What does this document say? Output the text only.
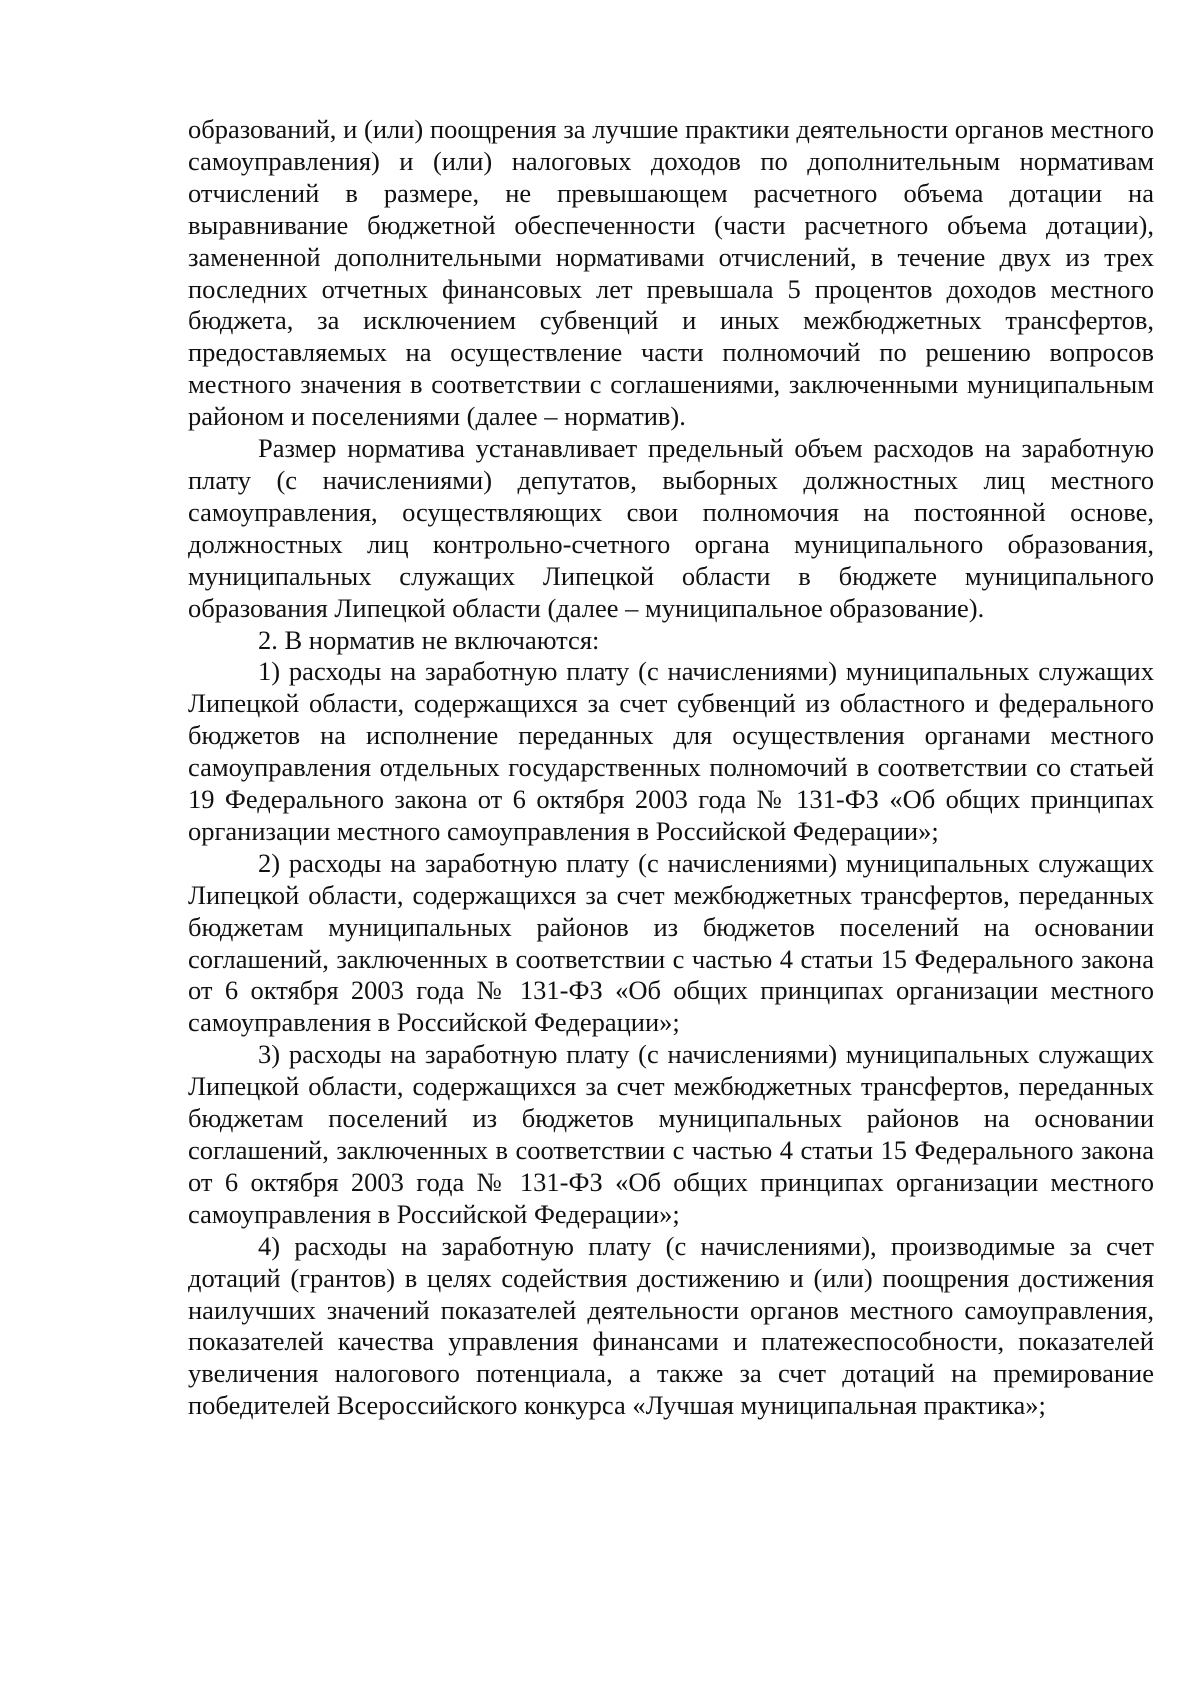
образований, и (или) поощрения за лучшие практики деятельности органов местного самоуправления) и (или) налоговых доходов по дополнительным нормативам отчислений в размере, не превышающем расчетного объема дотации на выравнивание бюджетной обеспеченности (части расчетного объема дотации), замененной дополнительными нормативами отчислений, в течение двух из трех последних отчетных финансовых лет превышала 5 процентов доходов местного бюджета, за исключением субвенций и иных межбюджетных трансфертов, предоставляемых на осуществление части полномочий по решению вопросов местного значения в соответствии с соглашениями, заключенными муниципальным районом и поселениями (далее – норматив).

Размер норматива устанавливает предельный объем расходов на заработную плату (с начислениями) депутатов, выборных должностных лиц местного самоуправления, осуществляющих свои полномочия на постоянной основе, должностных лиц контрольно-счетного органа муниципального образования, муниципальных служащих Липецкой области в бюджете муниципального образования Липецкой области (далее – муниципальное образование).

2. В норматив не включаются:

1) расходы на заработную плату (с начислениями) муниципальных служащих Липецкой области, содержащихся за счет субвенций из областного и федерального бюджетов на исполнение переданных для осуществления органами местного самоуправления отдельных государственных полномочий в соответствии со статьей 19 Федерального закона от 6 октября 2003 года № 131-ФЗ «Об общих принципах организации местного самоуправления в Российской Федерации»;

2) расходы на заработную плату (с начислениями) муниципальных служащих Липецкой области, содержащихся за счет межбюджетных трансфертов, переданных бюджетам муниципальных районов из бюджетов поселений на основании соглашений, заключенных в соответствии с частью 4 статьи 15 Федерального закона от 6 октября 2003 года № 131-ФЗ «Об общих принципах организации местного самоуправления в Российской Федерации»;

3) расходы на заработную плату (с начислениями) муниципальных служащих Липецкой области, содержащихся за счет межбюджетных трансфертов, переданных бюджетам поселений из бюджетов муниципальных районов на основании соглашений, заключенных в соответствии с частью 4 статьи 15 Федерального закона от 6 октября 2003 года № 131-ФЗ «Об общих принципах организации местного самоуправления в Российской Федерации»;

4) расходы на заработную плату (с начислениями), производимые за счет дотаций (грантов) в целях содействия достижению и (или) поощрения достижения наилучших значений показателей деятельности органов местного самоуправления, показателей качества управления финансами и платежеспособности, показателей увеличения налогового потенциала, а также за счет дотаций на премирование победителей Всероссийского конкурса «Лучшая муниципальная практика»;
